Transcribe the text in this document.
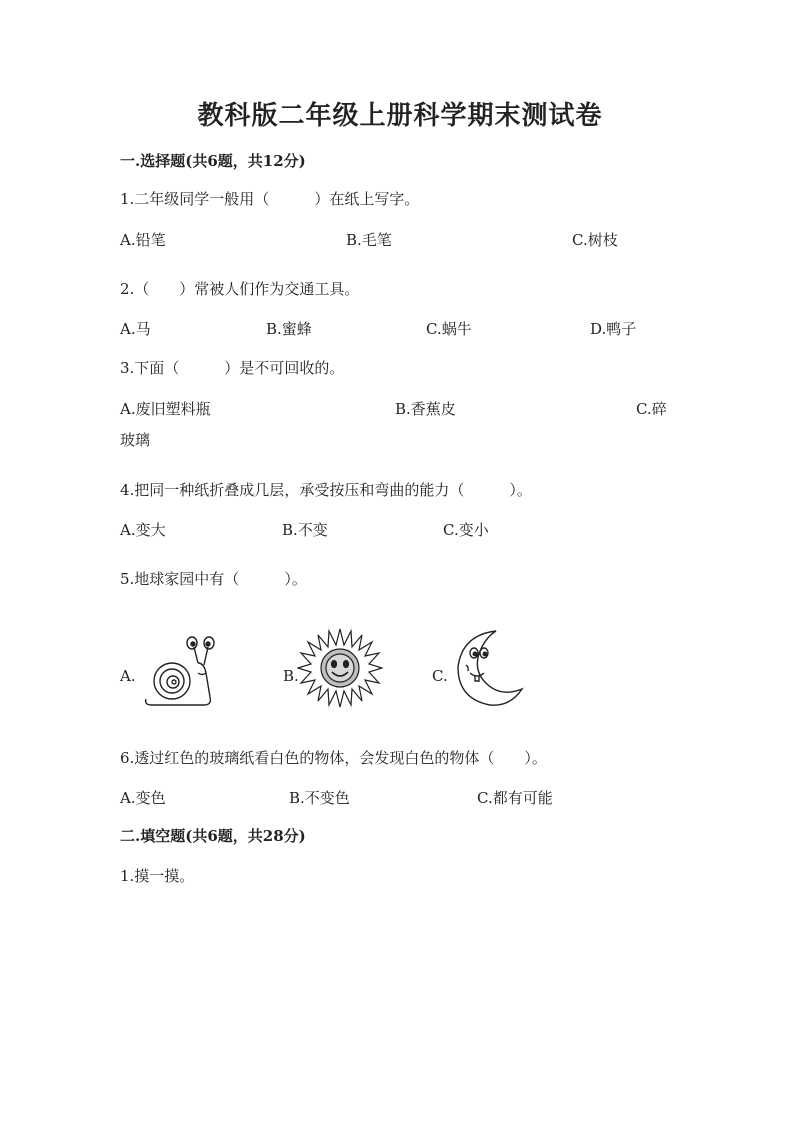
教科版二年级上册科学期末测试卷
一.选择题(共6题，共12分)
1.二年级同学一般用（　　　）在纸上写字。
A.铅笔	B.毛笔	C.树枝
2.（　　）常被人们作为交通工具。
A.马	B.蜜蜂	C.蜗牛	D.鸭子
3.下面（　　　）是不可回收的。
A.废旧塑料瓶	B.香蕉皮	C.碎
玻璃
4.把同一种纸折叠成几层，承受按压和弯曲的能力（　　　）。
A.变大	B.不变	C.变小
5.地球家园中有（　　　）。
A.	B.	C.
6.透过红色的玻璃纸看白色的物体，会发现白色的物体（　　）。
A.变色	B.不变色	C.都有可能
二.填空题(共6题，共28分)
1.摸一摸。
